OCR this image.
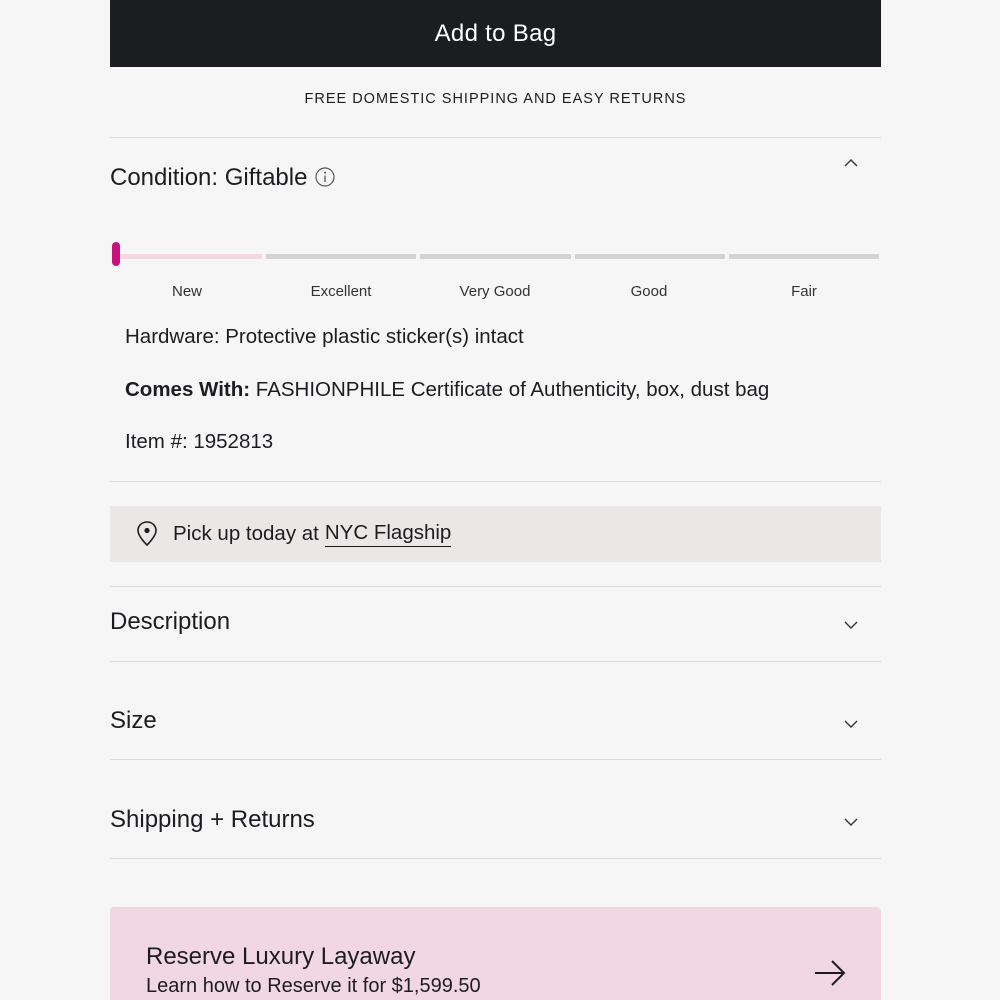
Add to Bag
FREE DOMESTIC SHIPPING AND EASY RETURNS
Condition: Giftable
New	Excellent	Very Good	Good	Fair
Hardware: Protective plastic sticker(s) intact
Comes With: FASHIONPHILE Certificate of Authenticity, box, dust bag
Item #: 1952813
Pick up today at NYC Flagship
Description
Size
Shipping + Returns
Reserve Luxury Layaway
Learn how to Reserve it for $1,599.50
